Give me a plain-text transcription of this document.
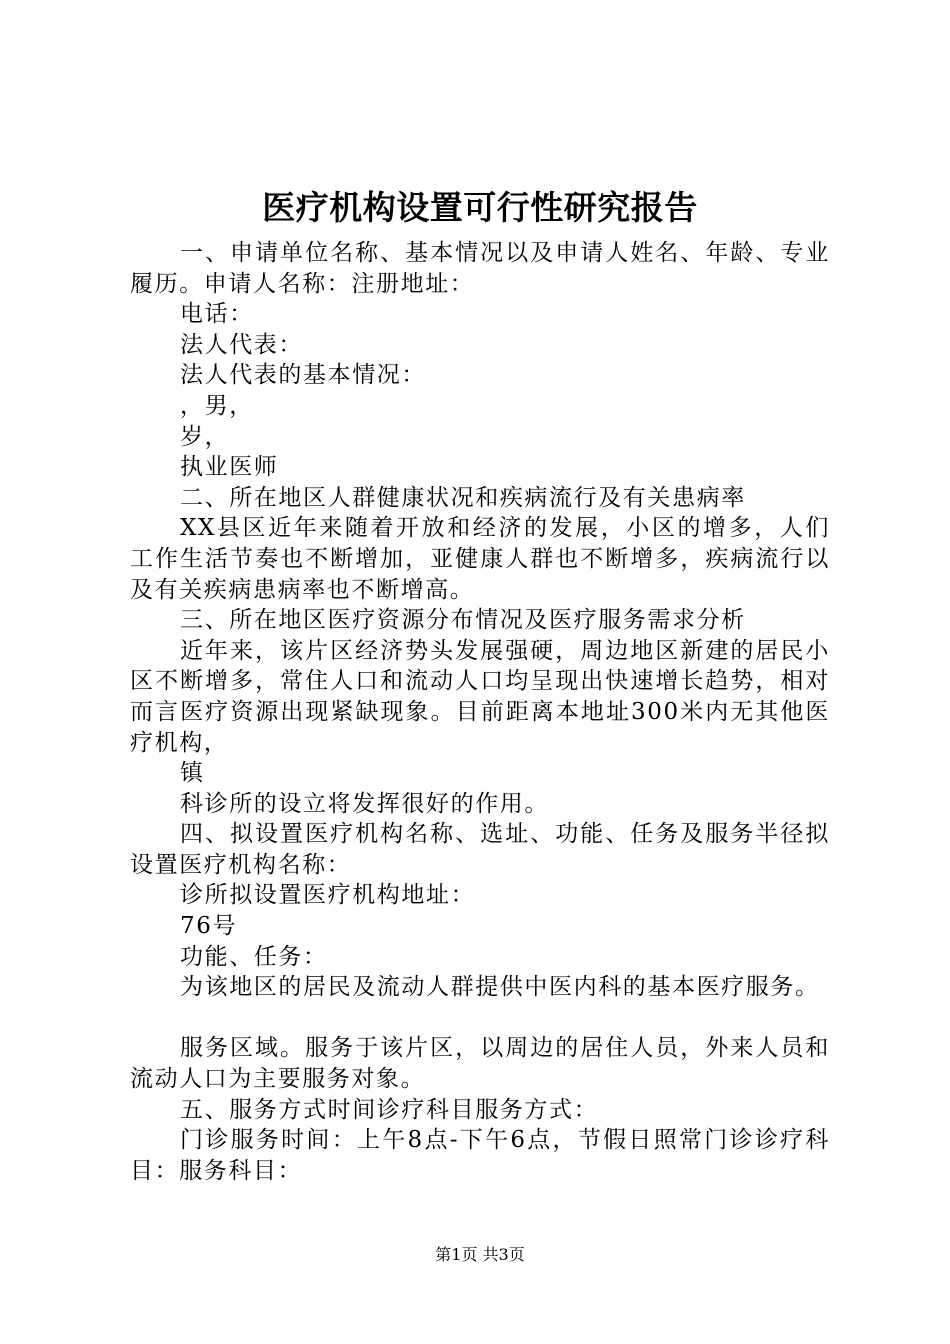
医疗机构设置可行性研究报告

一、申请单位名称、基本情况以及申请人姓名、年龄、专业履历。申请人名称：注册地址：

电话：

法人代表：

法人代表的基本情况：

，男，

岁，

执业医师

二、所在地区人群健康状况和疾病流行及有关患病率

XX县区近年来随着开放和经济的发展，小区的增多，人们工作生活节奏也不断增加，亚健康人群也不断增多，疾病流行以及有关疾病患病率也不断增高。

三、所在地区医疗资源分布情况及医疗服务需求分析

近年来，该片区经济势头发展强硬，周边地区新建的居民小区不断增多，常住人口和流动人口均呈现出快速增长趋势，相对而言医疗资源出现紧缺现象。目前距离本地址300米内无其他医疗机构，

镇

科诊所的设立将发挥很好的作用。

四、拟设置医疗机构名称、选址、功能、任务及服务半径拟设置医疗机构名称：

诊所拟设置医疗机构地址：

76号

功能、任务：

为该地区的居民及流动人群提供中医内科的基本医疗服务。

服务区域。服务于该片区，以周边的居住人员，外来人员和流动人口为主要服务对象。

五、服务方式时间诊疗科目服务方式：

门诊服务时间：上午8点-下午6点，节假日照常门诊诊疗科目：服务科目：

第1页 共3页
